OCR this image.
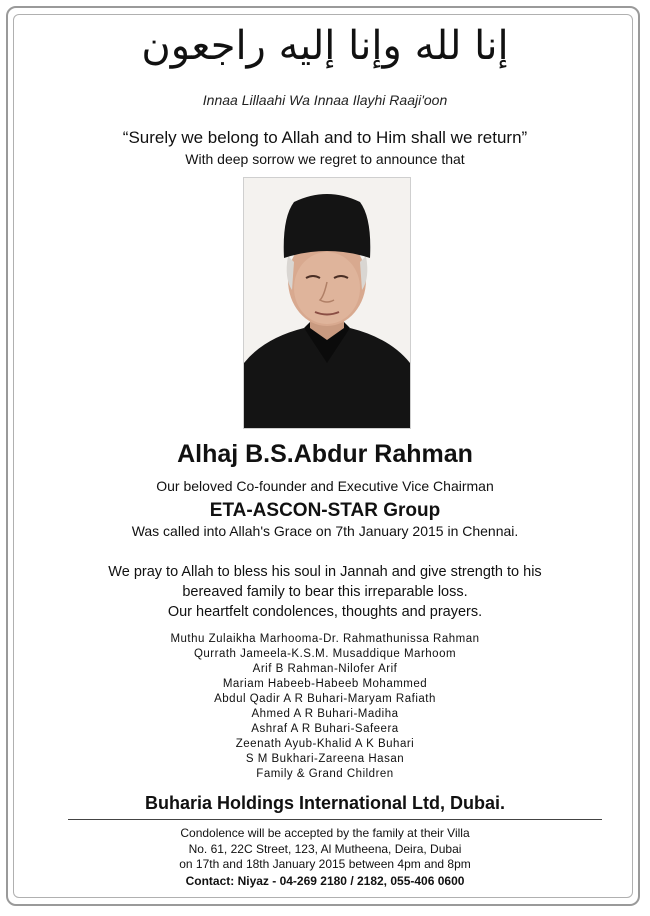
إنا لله وإنا إليه راجعون
Innaa Lillaahi Wa Innaa Ilayhi Raaji'oon
“Surely we belong to Allah and to Him shall we return”
With deep sorrow we regret to announce that
Alhaj B.S.Abdur Rahman
Our beloved Co-founder and Executive Vice Chairman
ETA-ASCON-STAR Group
Was called into Allah's Grace on 7th January 2015 in Chennai.
We pray to Allah to bless his soul in Jannah and give strength to his
bereaved family to bear this irreparable loss.
Our heartfelt condolences, thoughts and prayers.
Muthu Zulaikha Marhooma-Dr. Rahmathunissa Rahman
Qurrath Jameela-K.S.M. Musaddique Marhoom
Arif B Rahman-Nilofer Arif
Mariam Habeeb-Habeeb Mohammed
Abdul Qadir A R Buhari-Maryam Rafiath
Ahmed A R Buhari-Madiha
Ashraf A R Buhari-Safeera
Zeenath Ayub-Khalid A K Buhari
S M Bukhari-Zareena Hasan
Family & Grand Children
Buharia Holdings International Ltd, Dubai.
Condolence will be accepted by the family at their Villa
No. 61, 22C Street, 123, Al Mutheena, Deira, Dubai
on 17th and 18th January 2015 between 4pm and 8pm
Contact: Niyaz - 04-269 2180 / 2182, 055-406 0600
